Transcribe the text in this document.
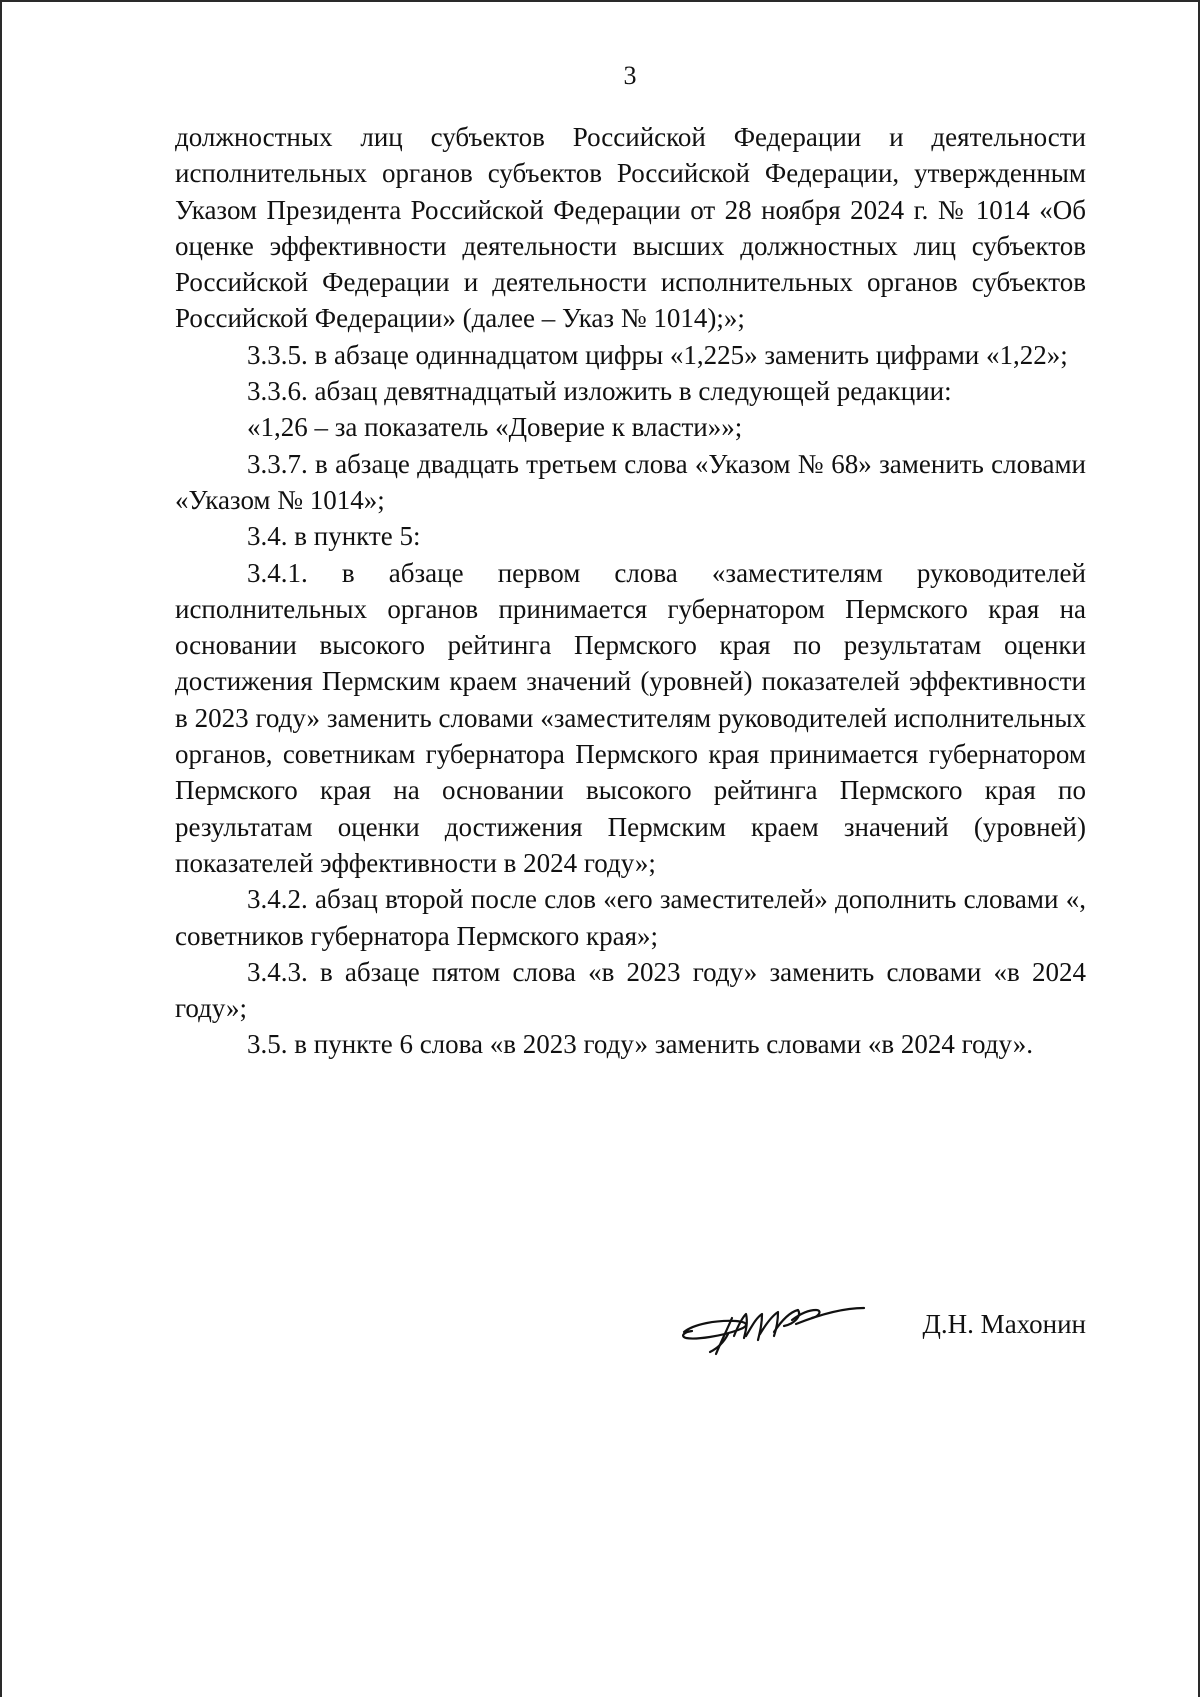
3

должностных лиц субъектов Российской Федерации и деятельности исполнительных органов субъектов Российской Федерации, утвержденным Указом Президента Российской Федерации от 28 ноября 2024 г. № 1014 «Об оценке эффективности деятельности высших должностных лиц субъектов Российской Федерации и деятельности исполнительных органов субъектов Российской Федерации» (далее – Указ № 1014);»;

3.3.5. в абзаце одиннадцатом цифры «1,225» заменить цифрами «1,22»;

3.3.6. абзац девятнадцатый изложить в следующей редакции:

«1,26 – за показатель «Доверие к власти»»;

3.3.7. в абзаце двадцать третьем слова «Указом № 68» заменить словами «Указом № 1014»;

3.4. в пункте 5:

3.4.1. в абзаце первом слова «заместителям руководителей исполнительных органов принимается губернатором Пермского края на основании высокого рейтинга Пермского края по результатам оценки достижения Пермским краем значений (уровней) показателей эффективности в 2023 году» заменить словами «заместителям руководителей исполнительных органов, советникам губернатора Пермского края принимается губернатором Пермского края на основании высокого рейтинга Пермского края по результатам оценки достижения Пермским краем значений (уровней) показателей эффективности в 2024 году»;

3.4.2. абзац второй после слов «его заместителей» дополнить словами «, советников губернатора Пермского края»;

3.4.3. в абзаце пятом слова «в 2023 году» заменить словами «в 2024 году»;

3.5. в пункте 6 слова «в 2023 году» заменить словами «в 2024 году».

Д.Н. Махонин
